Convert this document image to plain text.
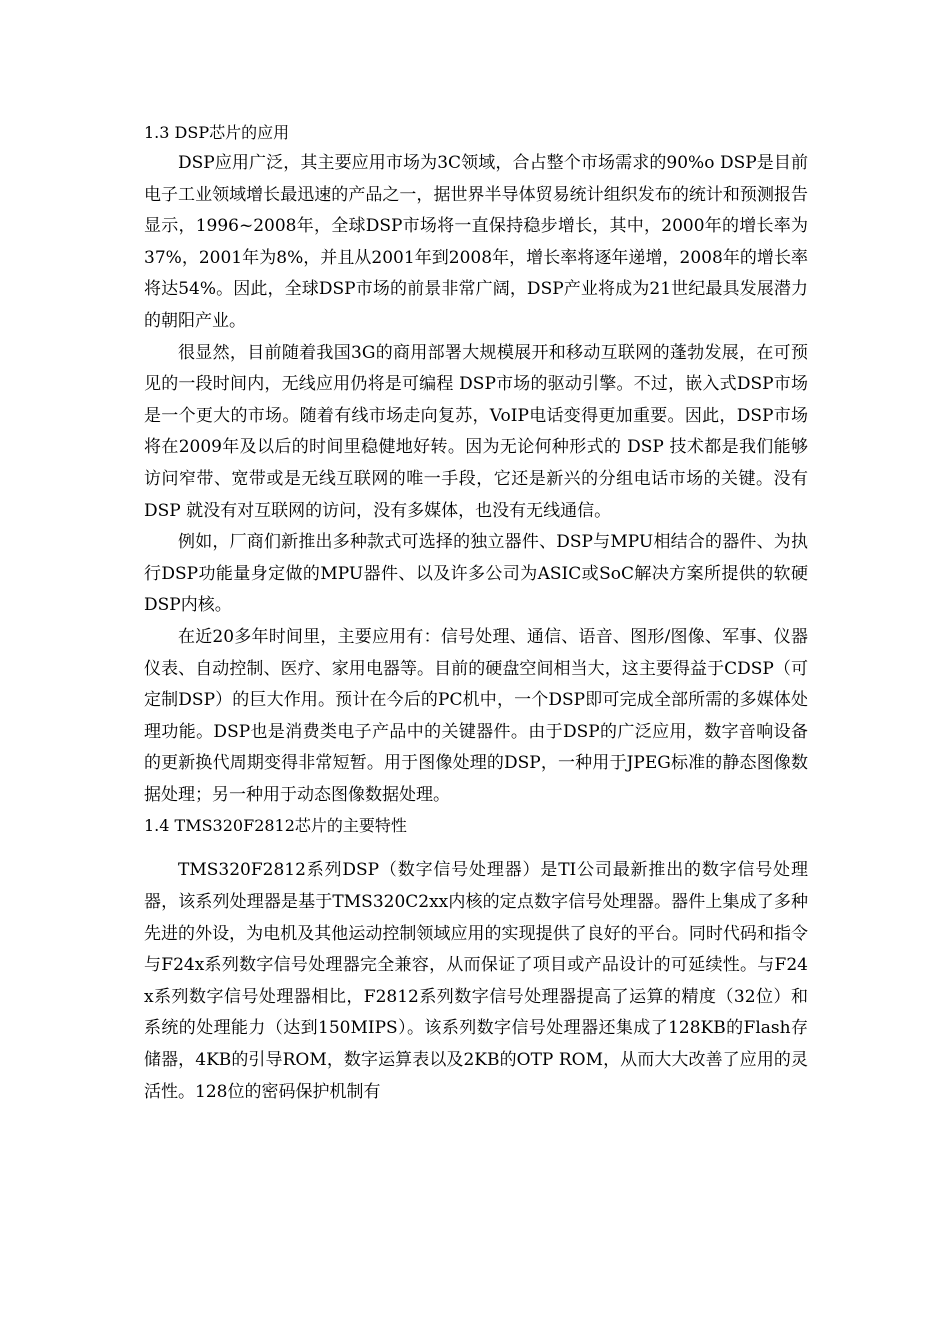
1.3 DSP芯片的应用

DSP应用广泛，其主要应用市场为3C领域，合占整个市场需求的90%o DSP是目前电子工业领域增长最迅速的产品之一，据世界半导体贸易统计组织发布的统计和预测报告显示，1996~2008年，全球DSP市场将一直保持稳步增长，其中，2000年的增长率为37%，2001年为8%，并且从2001年到2008年，增长率将逐年递增，2008年的增长率将达54%。因此，全球DSP市场的前景非常广阔，DSP产业将成为21世纪最具发展潜力的朝阳产业。

很显然，目前随着我国3G的商用部署大规模展开和移动互联网的蓬勃发展，在可预见的一段时间内，无线应用仍将是可编程 DSP市场的驱动引擎。不过，嵌入式DSP市场是一个更大的市场。随着有线市场走向复苏，VoIP电话变得更加重要。因此，DSP市场将在2009年及以后的时间里稳健地好转。因为无论何种形式的 DSP 技术都是我们能够访问窄带、宽带或是无线互联网的唯一手段，它还是新兴的分组电话市场的关键。没有 DSP 就没有对互联网的访问，没有多媒体，也没有无线通信。

例如，厂商们新推出多种款式可选择的独立器件、DSP与MPU相结合的器件、为执行DSP功能量身定做的MPU器件、以及许多公司为ASIC或SoC解决方案所提供的软硬DSP内核。

在近20多年时间里，主要应用有：信号处理、通信、语音、图形/图像、军事、仪器仪表、自动控制、医疗、家用电器等。目前的硬盘空间相当大，这主要得益于CDSP（可定制DSP）的巨大作用。预计在今后的PC机中，一个DSP即可完成全部所需的多媒体处理功能。DSP也是消费类电子产品中的关键器件。由于DSP的广泛应用，数字音响设备的更新换代周期变得非常短暂。用于图像处理的DSP，一种用于JPEG标准的静态图像数据处理；另一种用于动态图像数据处理。

1.4 TMS320F2812芯片的主要特性

TMS320F2812系列DSP（数字信号处理器）是TI公司最新推出的数字信号处理器，该系列处理器是基于TMS320C2xx内核的定点数字信号处理器。器件上集成了多种先进的外设，为电机及其他运动控制领域应用的实现提供了良好的平台。同时代码和指令与F24x系列数字信号处理器完全兼容，从而保证了项目或产品设计的可延续性。与F24x系列数字信号处理器相比，F2812系列数字信号处理器提高了运算的精度（32位）和系统的处理能力（达到150MIPS）。该系列数字信号处理器还集成了128KB的Flash存储器，4KB的引导ROM，数字运算表以及2KB的OTP ROM，从而大大改善了应用的灵活性。128位的密码保护机制有
